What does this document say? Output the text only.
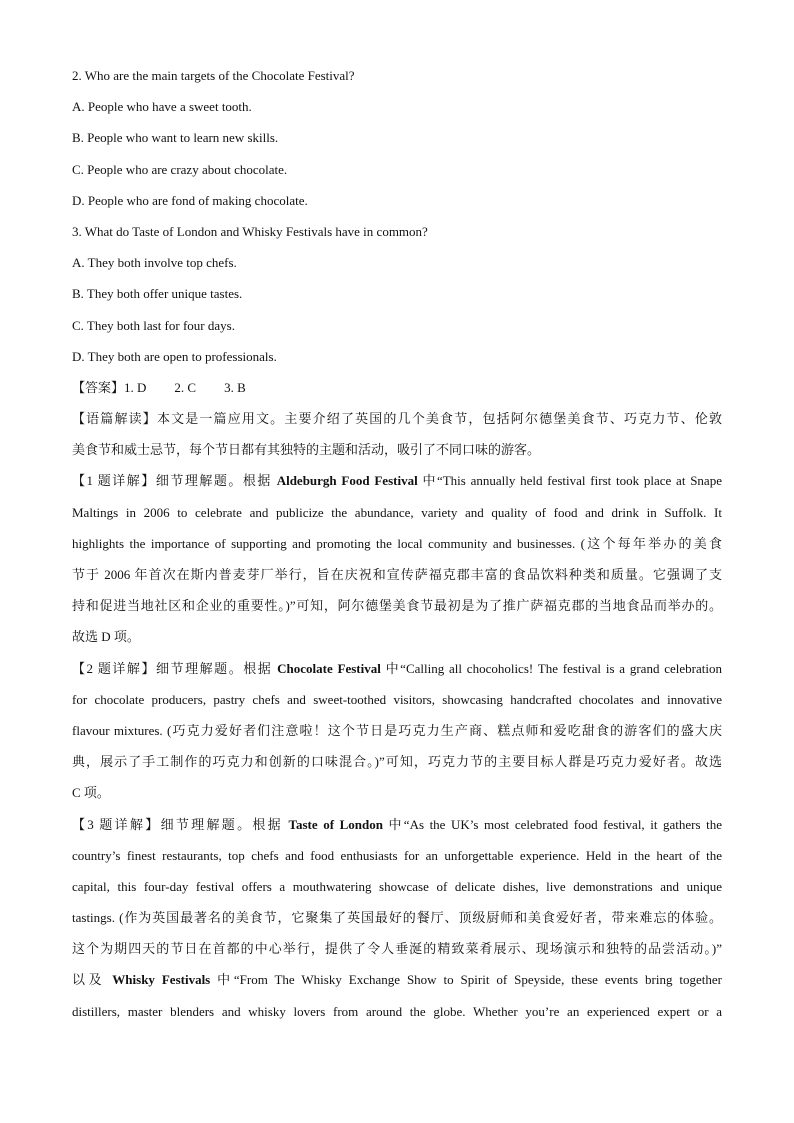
2. Who are the main targets of the Chocolate Festival?
A. People who have a sweet tooth.
B. People who want to learn new skills.
C. People who are crazy about chocolate.
D. People who are fond of making chocolate.
3. What do Taste of London and Whisky Festivals have in common?
A. They both involve top chefs.
B. They both offer unique tastes.
C. They both last for four days.
D. They both are open to professionals.
【答案】1. D 2. C 3. B
【语篇解读】本文是一篇应用文。主要介绍了英国的几个美食节，包括阿尔德堡美食节、巧克力节、伦敦
美食节和威士忌节，每个节日都有其独特的主题和活动，吸引了不同口味的游客。
【1 题详解】细节理解题。根据 Aldeburgh Food Festival 中“This annually held festival first took place at Snape
Maltings in 2006 to celebrate and publicize the abundance, variety and quality of food and drink in Suffolk. It
highlights the importance of supporting and promoting the local community and businesses. (这个每年举办的美食
节于 2006 年首次在斯内普麦芽厂举行，旨在庆祝和宣传萨福克郡丰富的食品饮料种类和质量。它强调了支
持和促进当地社区和企业的重要性。)”可知，阿尔德堡美食节最初是为了推广萨福克郡的当地食品而举办的。
故选 D 项。
【2 题详解】细节理解题。根据 Chocolate Festival 中“Calling all chocoholics! The festival is a grand celebration
for chocolate producers, pastry chefs and sweet-toothed visitors, showcasing handcrafted chocolates and innovative
flavour mixtures. (巧克力爱好者们注意啦！这个节日是巧克力生产商、糕点师和爱吃甜食的游客们的盛大庆
典，展示了手工制作的巧克力和创新的口味混合。)”可知，巧克力节的主要目标人群是巧克力爱好者。故选
C 项。
【3 题详解】细节理解题。根据 Taste of London 中“As the UK’s most celebrated food festival, it gathers the
country’s finest restaurants, top chefs and food enthusiasts for an unforgettable experience. Held in the heart of the
capital, this four-day festival offers a mouthwatering showcase of delicate dishes, live demonstrations and unique
tastings. (作为英国最著名的美食节，它聚集了英国最好的餐厅、顶级厨师和美食爱好者，带来难忘的体验。
这个为期四天的节日在首都的中心举行，提供了令人垂涎的精致菜肴展示、现场演示和独特的品尝活动。)”
以及 Whisky Festivals 中“From The Whisky Exchange Show to Spirit of Speyside, these events bring together
distillers, master blenders and whisky lovers from around the globe. Whether you’re an experienced expert or a
